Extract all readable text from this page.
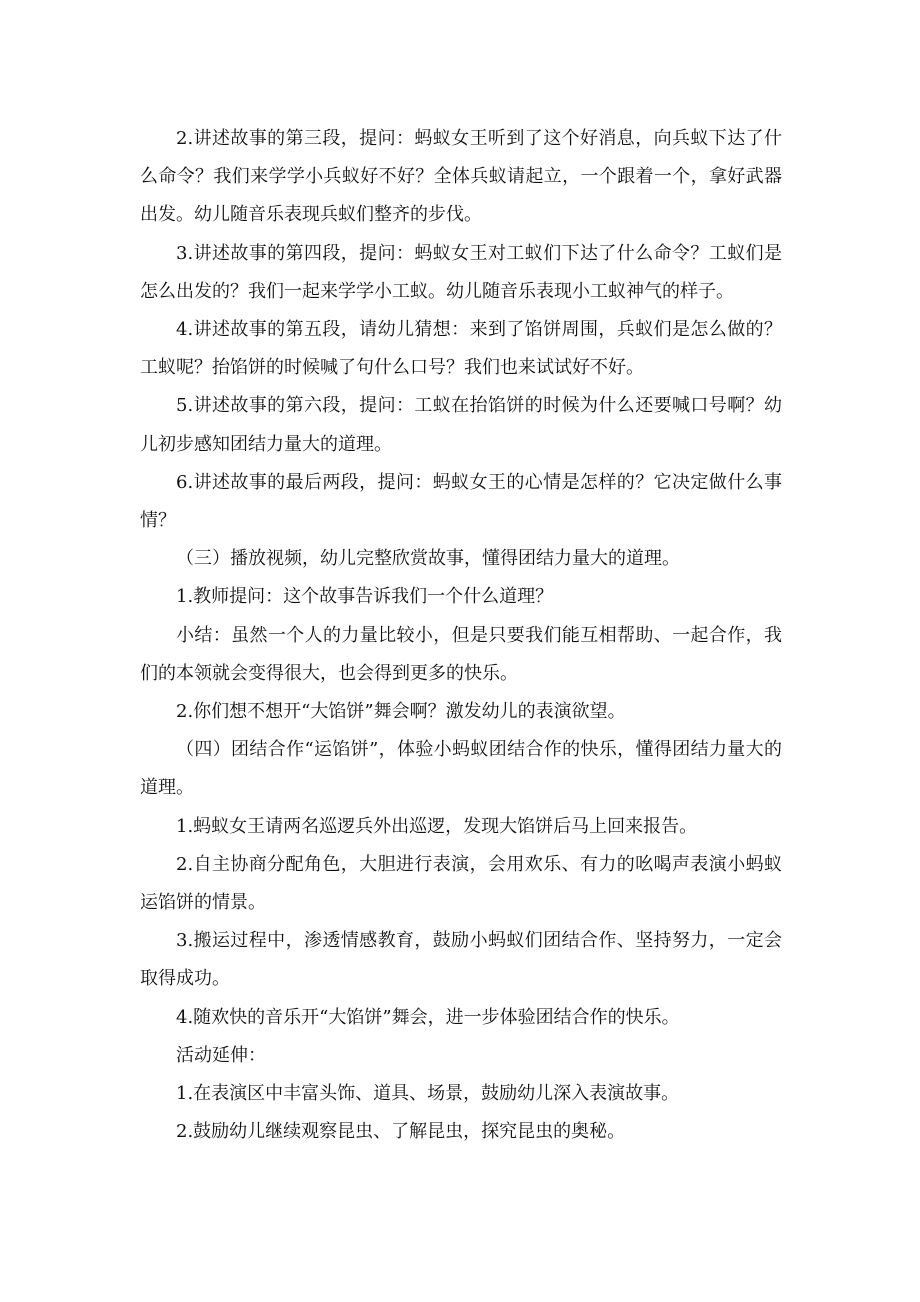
2.讲述故事的第三段，提问：蚂蚁女王听到了这个好消息，向兵蚁下达了什么命令？我们来学学小兵蚁好不好？全体兵蚁请起立，一个跟着一个，拿好武器出发。幼儿随音乐表现兵蚁们整齐的步伐。

3.讲述故事的第四段，提问：蚂蚁女王对工蚁们下达了什么命令？工蚁们是怎么出发的？我们一起来学学小工蚁。幼儿随音乐表现小工蚁神气的样子。

4.讲述故事的第五段，请幼儿猜想：来到了馅饼周围，兵蚁们是怎么做的？工蚁呢？抬馅饼的时候喊了句什么口号？我们也来试试好不好。

5.讲述故事的第六段，提问：工蚁在抬馅饼的时候为什么还要喊口号啊？幼儿初步感知团结力量大的道理。

6.讲述故事的最后两段，提问：蚂蚁女王的心情是怎样的？它决定做什么事情？

（三）播放视频，幼儿完整欣赏故事，懂得团结力量大的道理。

1.教师提问：这个故事告诉我们一个什么道理？

小结：虽然一个人的力量比较小，但是只要我们能互相帮助、一起合作，我们的本领就会变得很大，也会得到更多的快乐。

2.你们想不想开“大馅饼”舞会啊？激发幼儿的表演欲望。

（四）团结合作“运馅饼”，体验小蚂蚁团结合作的快乐，懂得团结力量大的道理。

1.蚂蚁女王请两名巡逻兵外出巡逻，发现大馅饼后马上回来报告。

2.自主协商分配角色，大胆进行表演，会用欢乐、有力的吆喝声表演小蚂蚁运馅饼的情景。

3.搬运过程中，渗透情感教育，鼓励小蚂蚁们团结合作、坚持努力，一定会取得成功。

4.随欢快的音乐开“大馅饼”舞会，进一步体验团结合作的快乐。

活动延伸：

1.在表演区中丰富头饰、道具、场景，鼓励幼儿深入表演故事。

2.鼓励幼儿继续观察昆虫、了解昆虫，探究昆虫的奥秘。
